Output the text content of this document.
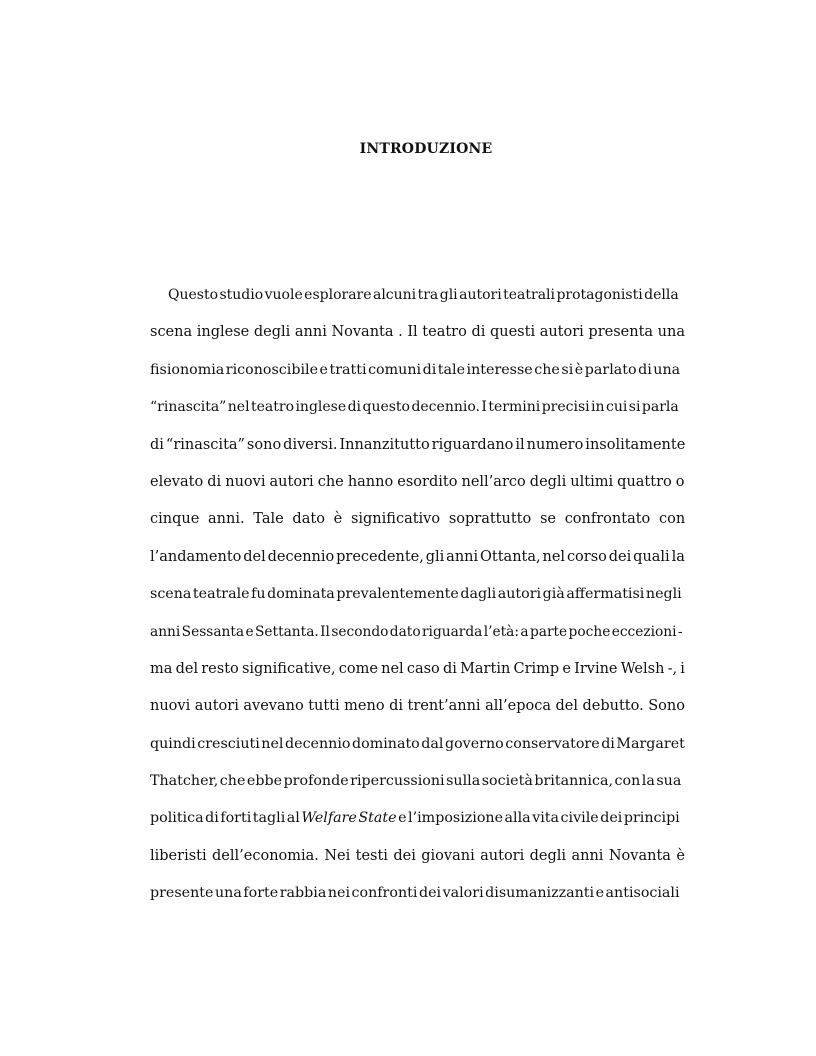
INTRODUZIONE
Questo studio vuole esplorare alcuni tra gli autori teatrali protagonisti della
scena inglese degli anni Novanta . Il teatro di questi autori presenta una
fisionomia riconoscibile e tratti comuni di tale interesse che si è parlato di una
“rinascita” nel teatro inglese di questo decennio. I termini precisi in cui si parla
di “rinascita” sono diversi. Innanzitutto riguardano il numero insolitamente
elevato di nuovi autori che hanno esordito nell’arco degli ultimi quattro o
cinque anni. Tale dato è significativo soprattutto se confrontato con
l’andamento del decennio precedente, gli anni Ottanta, nel corso dei quali la
scena teatrale fu dominata prevalentemente dagli autori già affermatisi negli
anni Sessanta e Settanta. Il secondo dato riguarda l’età: a parte poche eccezioni -
ma del resto significative, come nel caso di Martin Crimp e Irvine Welsh -, i
nuovi autori avevano tutti meno di trent’anni all’epoca del debutto. Sono
quindi cresciuti nel decennio dominato dal governo conservatore di Margaret
Thatcher, che ebbe profonde ripercussioni sulla società britannica, con la sua
politica di forti tagli al Welfare State e l’imposizione alla vita civile dei principi
liberisti dell’economia. Nei testi dei giovani autori degli anni Novanta è
presente una forte rabbia nei confronti dei valori disumanizzanti e antisociali
